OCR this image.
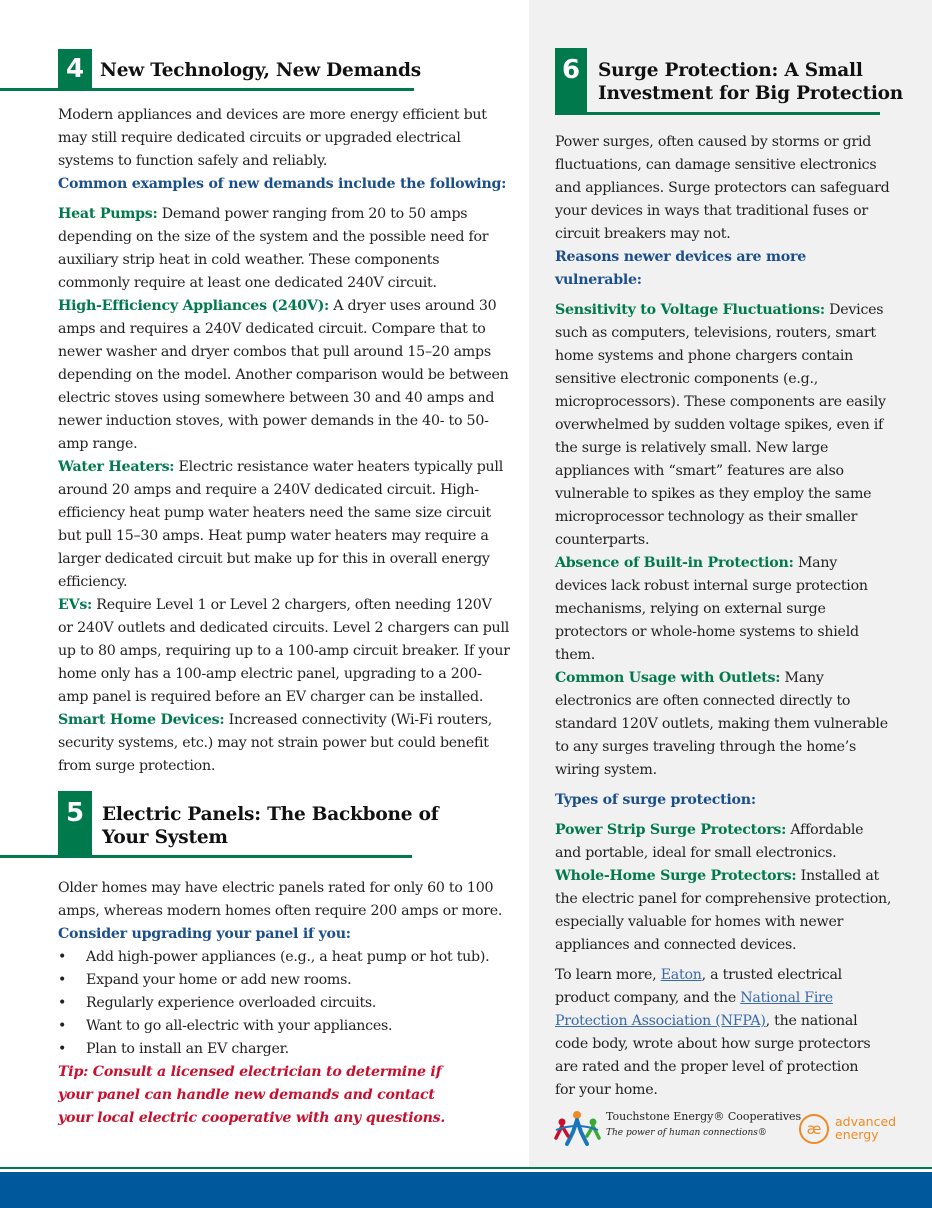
4 New Technology, New Demands

Modern appliances and devices are more energy efficient but may still require dedicated circuits or upgraded electrical systems to function safely and reliably.

Common examples of new demands include the following:

Heat Pumps: Demand power ranging from 20 to 50 amps depending on the size of the system and the possible need for auxiliary strip heat in cold weather. These components commonly require at least one dedicated 240V circuit.

High-Efficiency Appliances (240V): A dryer uses around 30 amps and requires a 240V dedicated circuit. Compare that to newer washer and dryer combos that pull around 15–20 amps depending on the model. Another comparison would be between electric stoves using somewhere between 30 and 40 amps and newer induction stoves, with power demands in the 40- to 50-amp range.

Water Heaters: Electric resistance water heaters typically pull around 20 amps and require a 240V dedicated circuit. High-efficiency heat pump water heaters need the same size circuit but pull 15–30 amps. Heat pump water heaters may require a larger dedicated circuit but make up for this in overall energy efficiency.

EVs: Require Level 1 or Level 2 chargers, often needing 120V or 240V outlets and dedicated circuits. Level 2 chargers can pull up to 80 amps, requiring up to a 100-amp circuit breaker. If your home only has a 100-amp electric panel, upgrading to a 200-amp panel is required before an EV charger can be installed.

Smart Home Devices: Increased connectivity (Wi-Fi routers, security systems, etc.) may not strain power but could benefit from surge protection.

5 Electric Panels: The Backbone of
Your System

Older homes may have electric panels rated for only 60 to 100 amps, whereas modern homes often require 200 amps or more. Consider upgrading your panel if you:

• Add high-power appliances (e.g., a heat pump or hot tub).
• Expand your home or add new rooms.
• Regularly experience overloaded circuits.
• Want to go all-electric with your appliances.
• Plan to install an EV charger.

Tip: Consult a licensed electrician to determine if your panel can handle new demands and contact your local electric cooperative with any questions.

6 Surge Protection: A Small
Investment for Big Protection

Power surges, often caused by storms or grid fluctuations, can damage sensitive electronics and appliances. Surge protectors can safeguard your devices in ways that traditional fuses or circuit breakers may not.

Reasons newer devices are more vulnerable:

Sensitivity to Voltage Fluctuations: Devices such as computers, televisions, routers, smart home systems and phone chargers contain sensitive electronic components (e.g., microprocessors). These components are easily overwhelmed by sudden voltage spikes, even if the surge is relatively small. New large appliances with “smart” features are also vulnerable to spikes as they employ the same microprocessor technology as their smaller counterparts.

Absence of Built-in Protection: Many devices lack robust internal surge protection mechanisms, relying on external surge protectors or whole-home systems to shield them.

Common Usage with Outlets: Many electronics are often connected directly to standard 120V outlets, making them vulnerable to any surges traveling through the home’s wiring system.

Types of surge protection:

Power Strip Surge Protectors: Affordable and portable, ideal for small electronics.

Whole-Home Surge Protectors: Installed at the electric panel for comprehensive protection, especially valuable for homes with newer appliances and connected devices.

To learn more, Eaton, a trusted electrical product company, and the National Fire Protection Association (NFPA), the national code body, wrote about how surge protectors are rated and the proper level of protection for your home.

Touchstone Energy® Cooperatives
The power of human connections®	æ	advanced
energy
